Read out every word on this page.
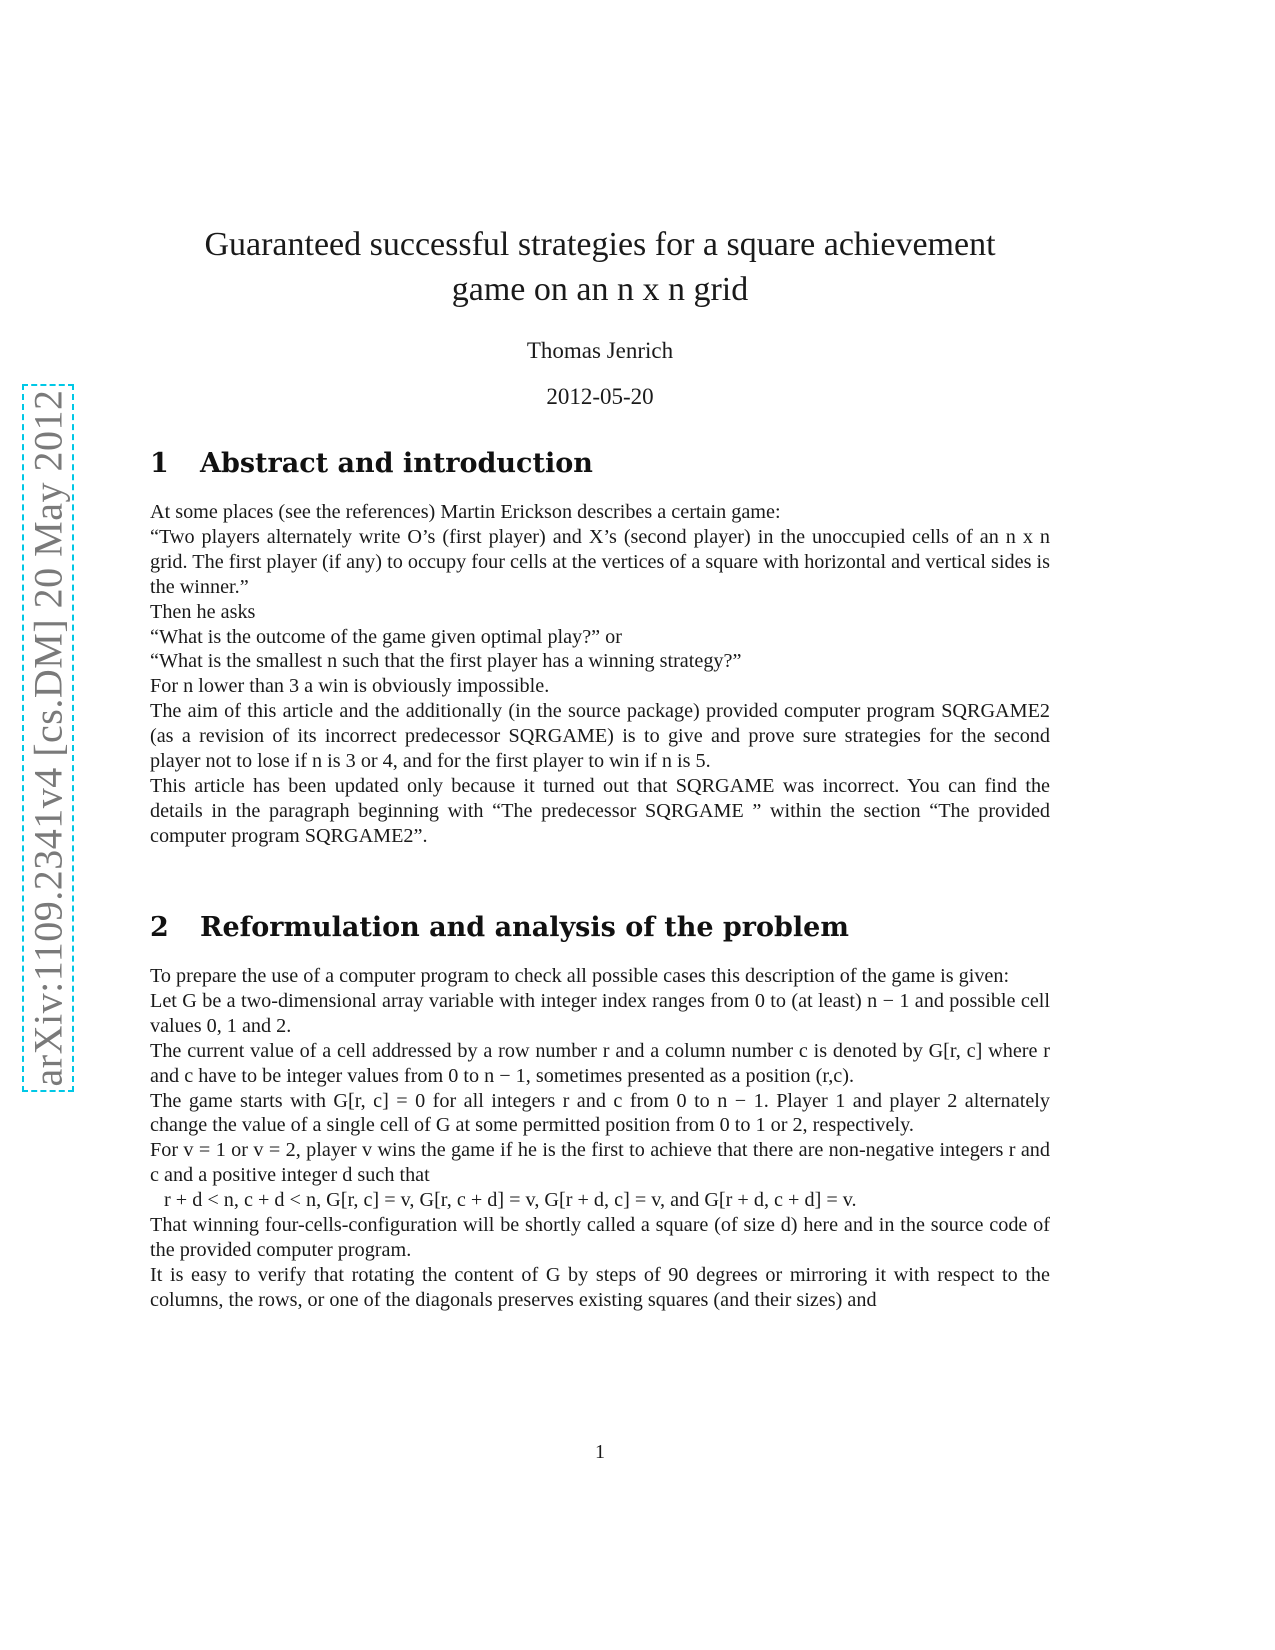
arXiv:1109.2341v4 [cs.DM] 20 May 2012
Guaranteed successful strategies for a square achievement
game on an n x n grid

Thomas Jenrich

2012-05-20

1 Abstract and introduction

At some places (see the references) Martin Erickson describes a certain game:

“Two players alternately write O’s (first player) and X’s (second player) in the unoccupied cells of an n x n grid. The first player (if any) to occupy four cells at the vertices of a square with horizontal and vertical sides is the winner.”

Then he asks

“What is the outcome of the game given optimal play?” or

“What is the smallest n such that the first player has a winning strategy?”

For n lower than 3 a win is obviously impossible.

The aim of this article and the additionally (in the source package) provided computer program SQRGAME2 (as a revision of its incorrect predecessor SQRGAME) is to give and prove sure strategies for the second player not to lose if n is 3 or 4, and for the first player to win if n is 5.

This article has been updated only because it turned out that SQRGAME was incorrect. You can find the details in the paragraph beginning with “The predecessor SQRGAME ” within the section “The provided computer program SQRGAME2”.

2 Reformulation and analysis of the problem

To prepare the use of a computer program to check all possible cases this description of the game is given:

Let G be a two-dimensional array variable with integer index ranges from 0 to (at least) n − 1 and possible cell values 0, 1 and 2.

The current value of a cell addressed by a row number r and a column number c is denoted by G[r, c] where r and c have to be integer values from 0 to n − 1, sometimes presented as a position (r,c).

The game starts with G[r, c] = 0 for all integers r and c from 0 to n − 1. Player 1 and player 2 alternately change the value of a single cell of G at some permitted position from 0 to 1 or 2, respectively.

For v = 1 or v = 2, player v wins the game if he is the first to achieve that there are non-negative integers r and c and a positive integer d such that

r + d < n, c + d < n, G[r, c] = v, G[r, c + d] = v, G[r + d, c] = v, and G[r + d, c + d] = v.

That winning four-cells-configuration will be shortly called a square (of size d) here and in the source code of the provided computer program.

It is easy to verify that rotating the content of G by steps of 90 degrees or mirroring it with respect to the columns, the rows, or one of the diagonals preserves existing squares (and their sizes) and

1
